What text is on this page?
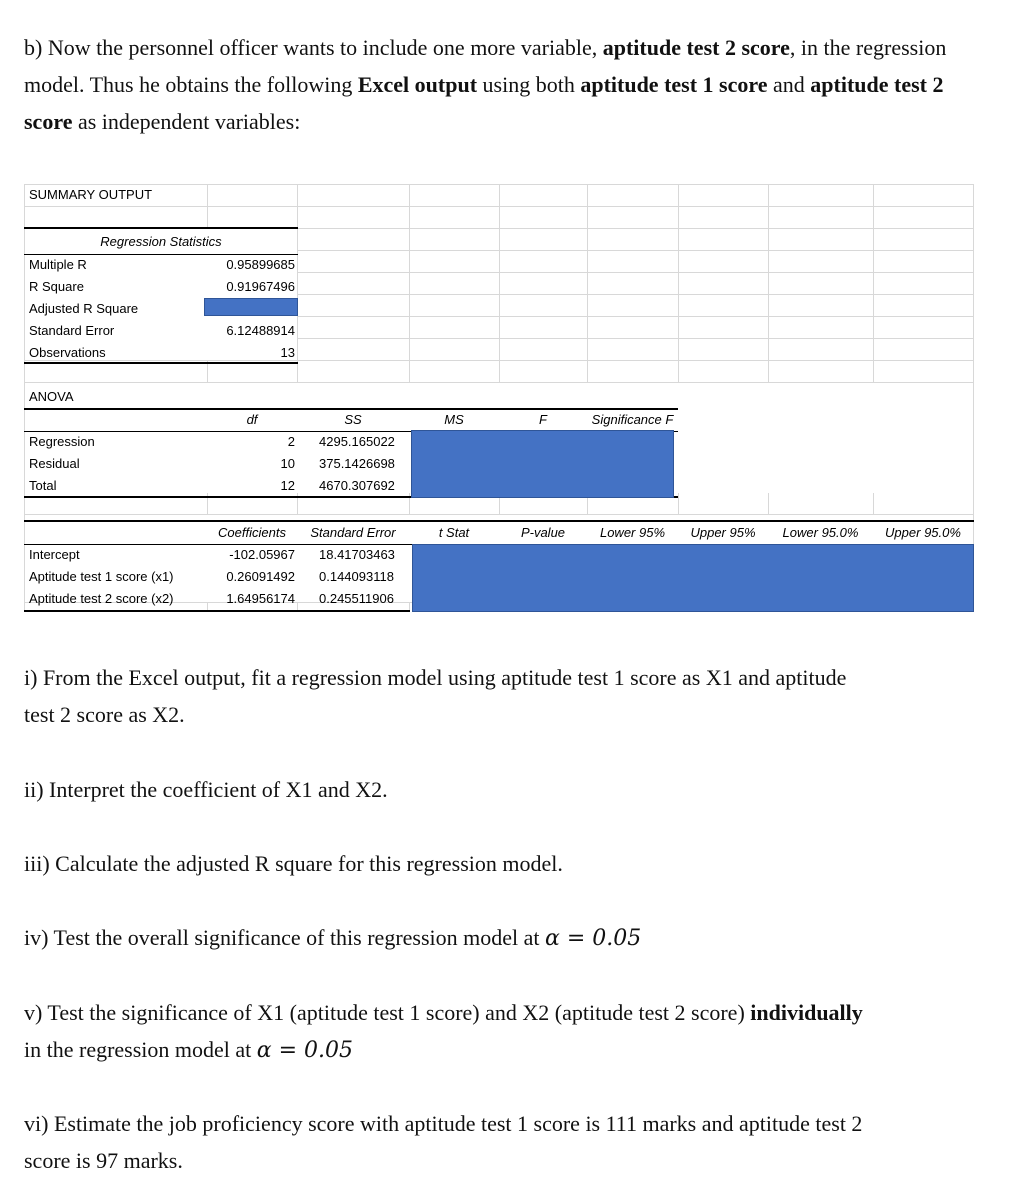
b) Now the personnel officer wants to include one more variable, aptitude test 2 score, in the regression model. Thus he obtains the following Excel output using both aptitude test 1 score and aptitude test 2 score as independent variables:
SUMMARY OUTPUT
Regression Statistics
Multiple R	0.95899685
R Square	0.91967496
Adjusted R Square
Standard Error	6.12488914
Observations	13
ANOVA
df	SS	MS	F	Significance F
Regression	2 4295.165022
Residual	10 375.1426698
Total	12 4670.307692
Coefficients	Standard Error	t Stat	P-value	Lower 95%	Upper 95%	Lower 95.0%	Upper 95.0%
Intercept	-102.05967 18.41703463
Aptitude test 1 score (x1)	0.26091492 0.144093118
Aptitude test 2 score (x2)	1.64956174 0.245511906
i) From the Excel output, fit a regression model using aptitude test 1 score as X1 and aptitude
test 2 score as X2.
ii) Interpret the coefficient of X1 and X2.
iii) Calculate the adjusted R square for this regression model.
iv) Test the overall significance of this regression model at α = 0.05
v) Test the significance of X1 (aptitude test 1 score) and X2 (aptitude test 2 score) individually
in the regression model at α = 0.05
vi) Estimate the job proficiency score with aptitude test 1 score is 111 marks and aptitude test 2
score is 97 marks.
